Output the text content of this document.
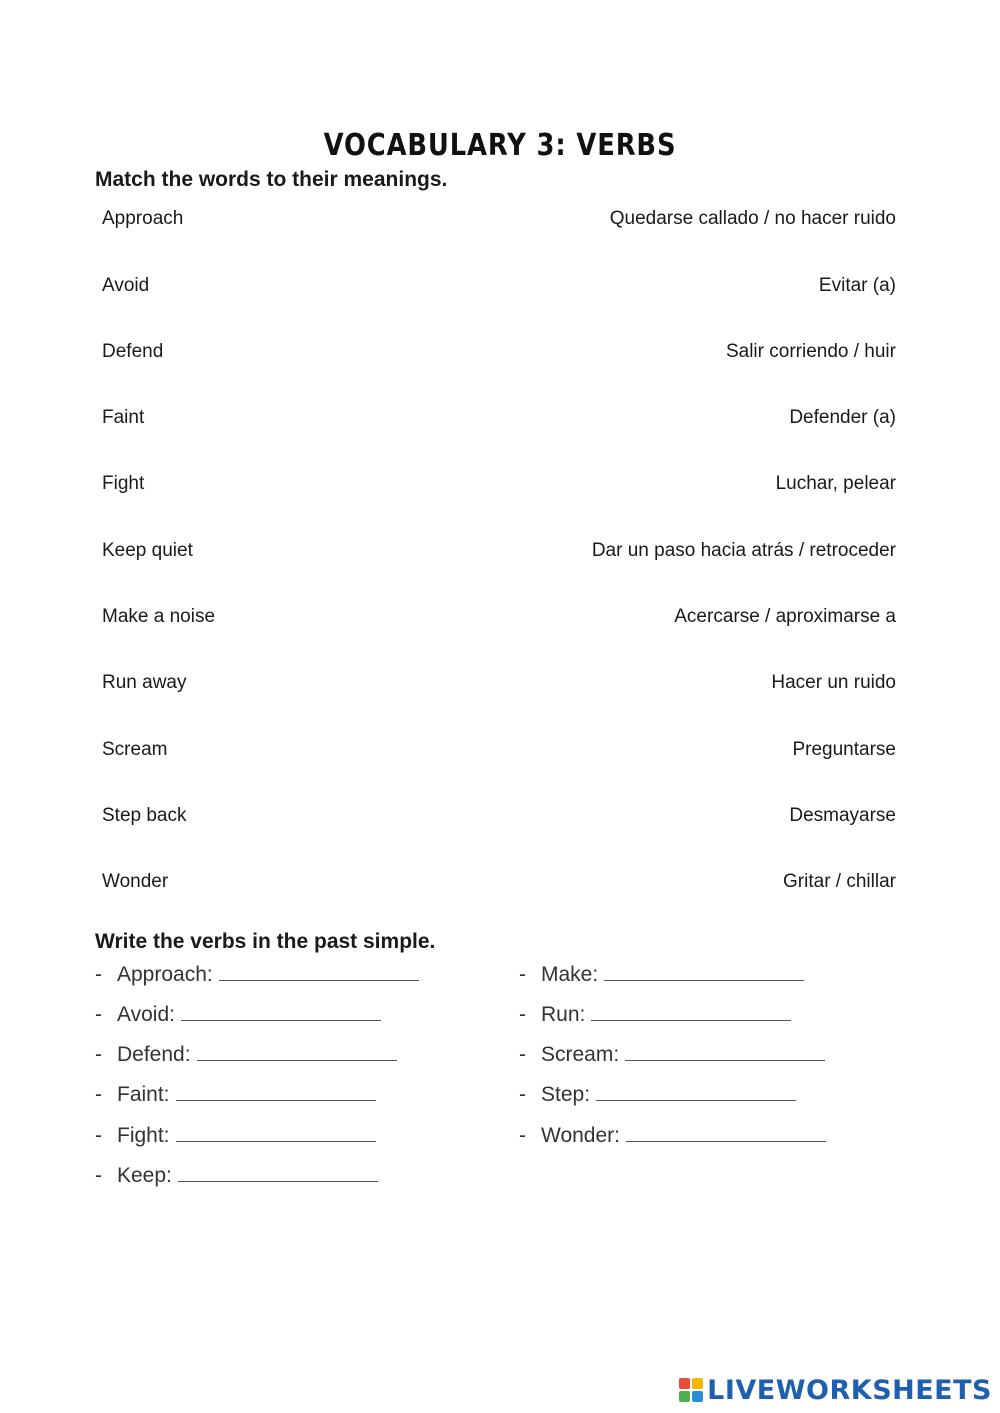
VOCABULARY 3: VERBS
Match the words to their meanings.
Approach	Quedarse callado / no hacer ruido
Avoid	Evitar (a)
Defend	Salir corriendo / huir
Faint	Defender (a)
Fight	Luchar, pelear
Keep quiet	Dar un paso hacia atrás / retroceder
Make a noise	Acercarse / aproximarse a
Run away	Hacer un ruido
Scream	Preguntarse
Step back	Desmayarse
Wonder	Gritar / chillar
Write the verbs in the past simple.
- Approach:
- Avoid:
- Defend:
- Faint:
- Fight:
- Keep:
- Make:
- Run:
- Scream:
- Step:
- Wonder:
LIVEWORKSHEETS
